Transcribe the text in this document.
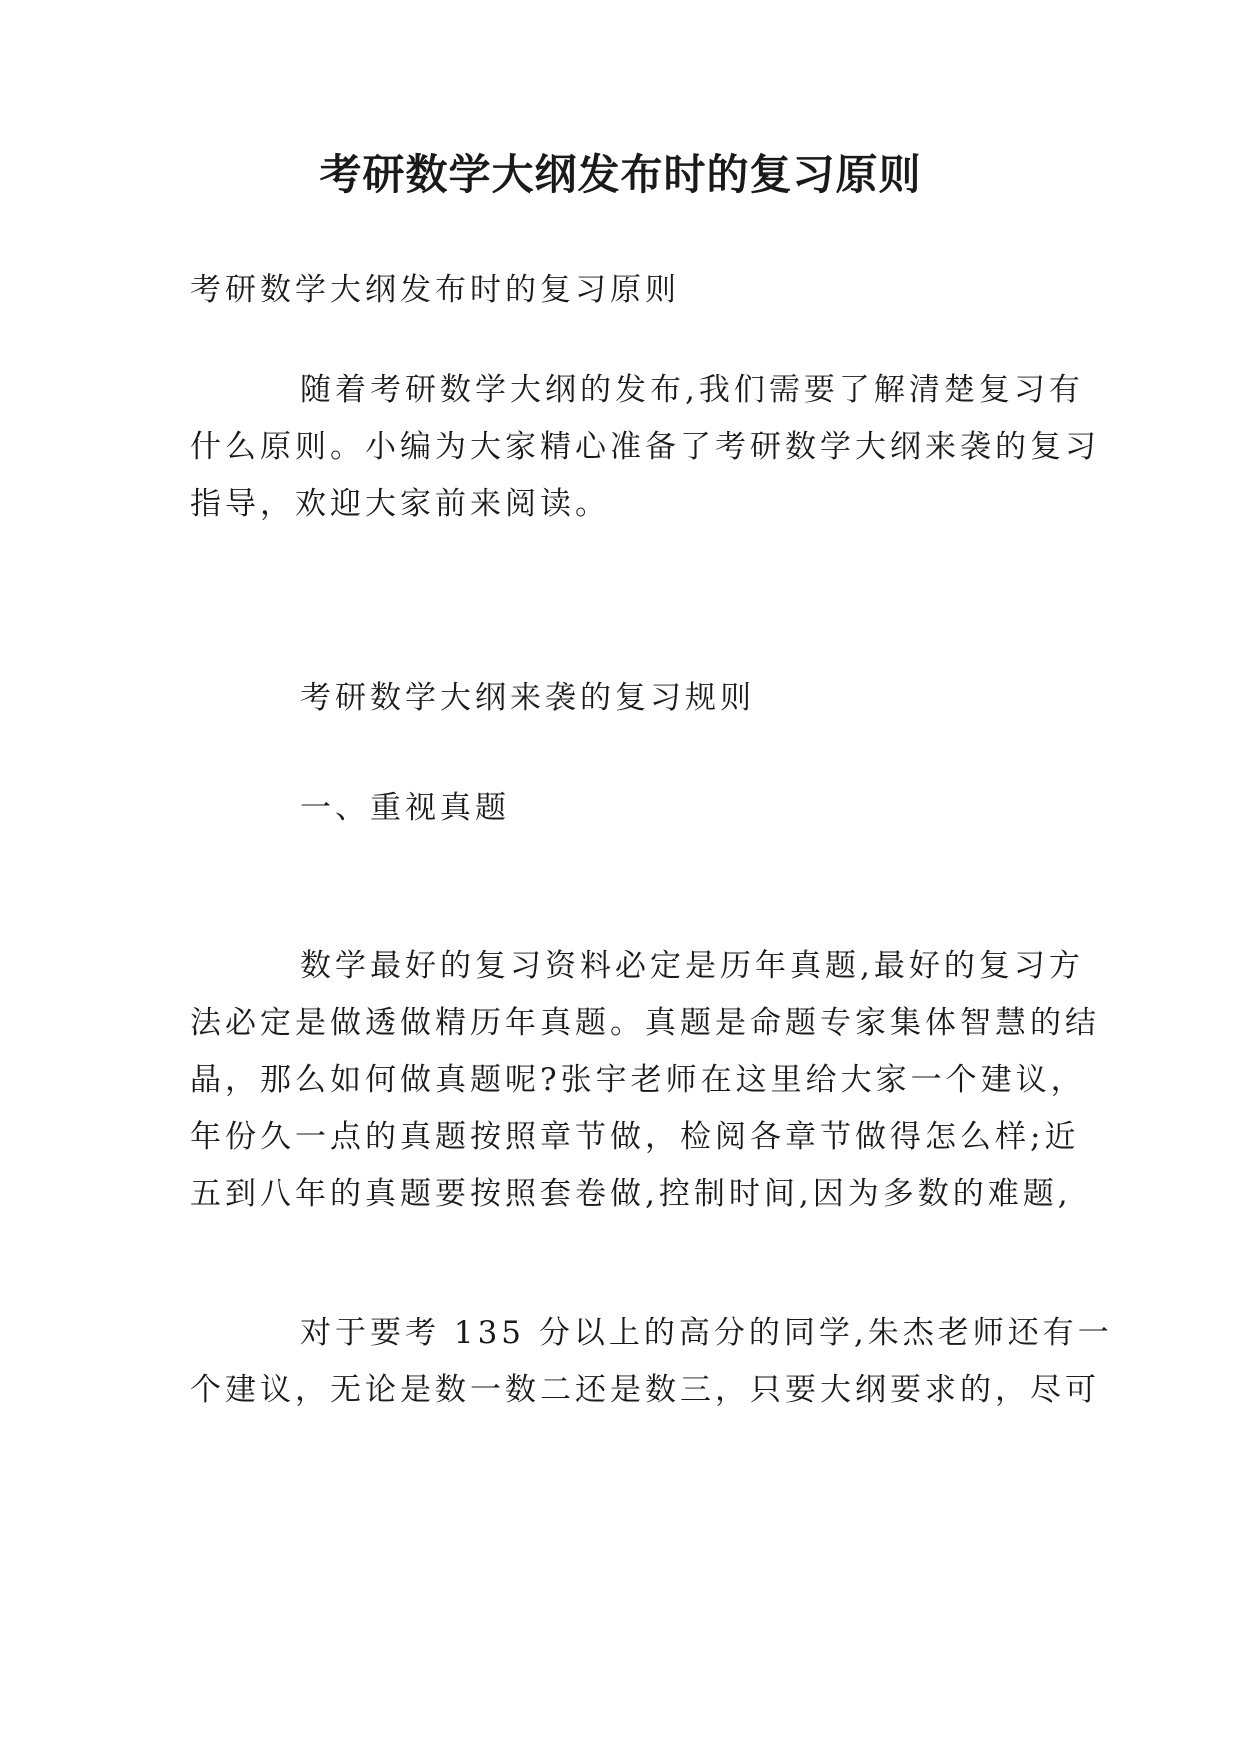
考研数学大纲发布时的复习原则

考研数学大纲发布时的复习原则

随着考研数学大纲的发布,我们需要了解清楚复习有
什么原则。小编为大家精心准备了考研数学大纲来袭的复习
指导，欢迎大家前来阅读。

考研数学大纲来袭的复习规则

一、重视真题

数学最好的复习资料必定是历年真题,最好的复习方
法必定是做透做精历年真题。真题是命题专家集体智慧的结
晶，那么如何做真题呢?张宇老师在这里给大家一个建议，
年份久一点的真题按照章节做，检阅各章节做得怎么样;近
五到八年的真题要按照套卷做,控制时间,因为多数的难题,
对于要考 135 分以上的高分的同学,朱杰老师还有一
个建议，无论是数一数二还是数三，只要大纲要求的，尽可
